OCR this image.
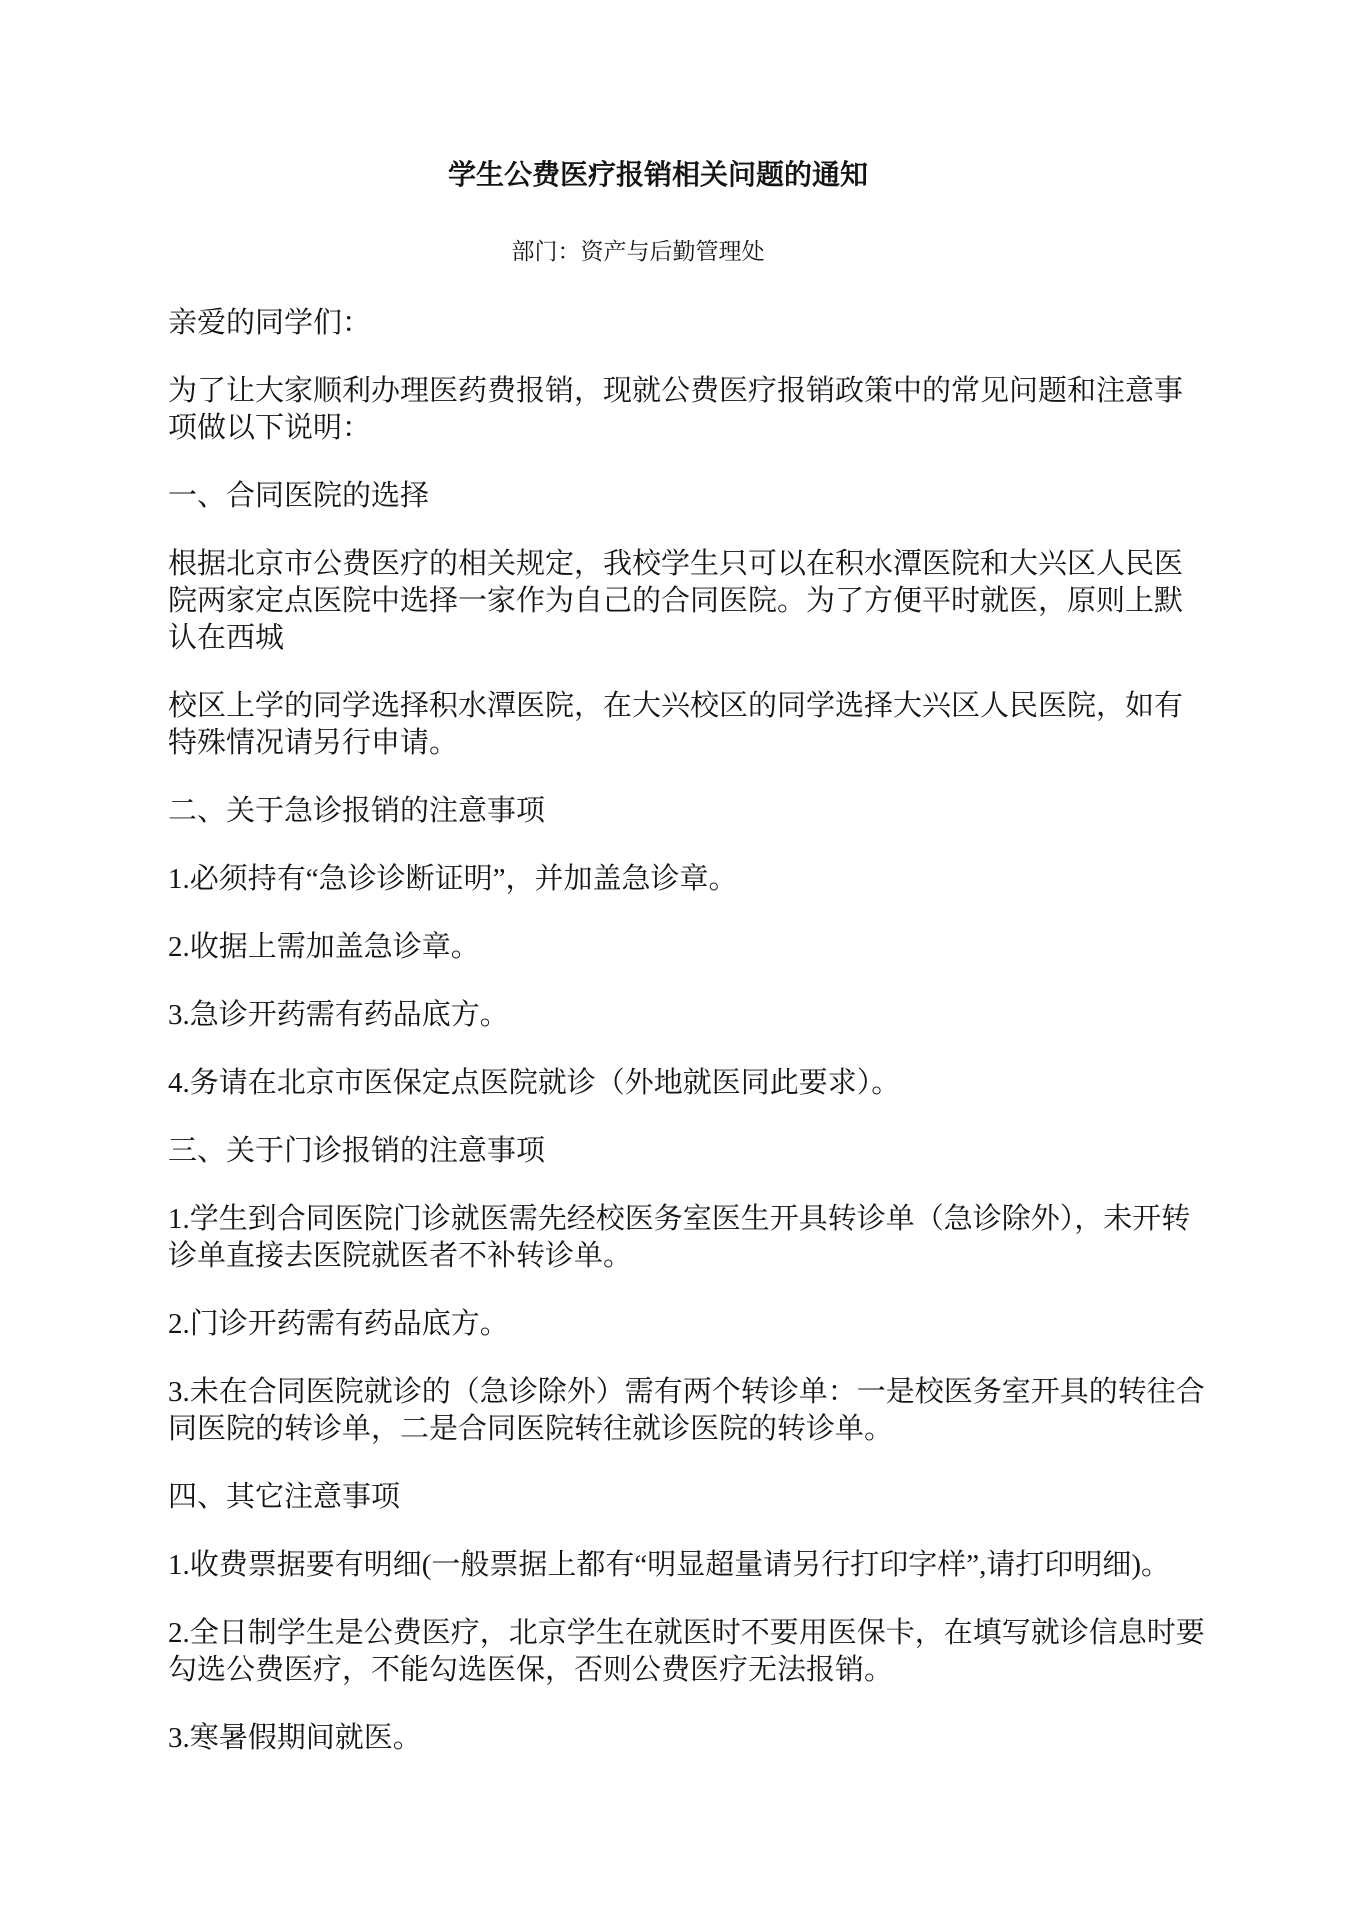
学生公费医疗报销相关问题的通知
部门：资产与后勤管理处

亲爱的同学们：

为了让大家顺利办理医药费报销，现就公费医疗报销政策中的常见问题和注意事项做以下说明：

一、合同医院的选择

根据北京市公费医疗的相关规定，我校学生只可以在积水潭医院和大兴区人民医院两家定点医院中选择一家作为自己的合同医院。为了方便平时就医，原则上默认在西城

校区上学的同学选择积水潭医院，在大兴校区的同学选择大兴区人民医院，如有特殊情况请另行申请。

二、关于急诊报销的注意事项

1.必须持有“急诊诊断证明”，并加盖急诊章。

2.收据上需加盖急诊章。

3.急诊开药需有药品底方。

4.务请在北京市医保定点医院就诊（外地就医同此要求）。

三、关于门诊报销的注意事项

1.学生到合同医院门诊就医需先经校医务室医生开具转诊单（急诊除外），未开转诊单直接去医院就医者不补转诊单。

2.门诊开药需有药品底方。

3.未在合同医院就诊的（急诊除外）需有两个转诊单：一是校医务室开具的转往合同医院的转诊单，二是合同医院转往就诊医院的转诊单。

四、其它注意事项

1.收费票据要有明细(一般票据上都有“明显超量请另行打印字样”,请打印明细)。

2.全日制学生是公费医疗，北京学生在就医时不要用医保卡，在填写就诊信息时要勾选公费医疗，不能勾选医保，否则公费医疗无法报销。

3.寒暑假期间就医。
